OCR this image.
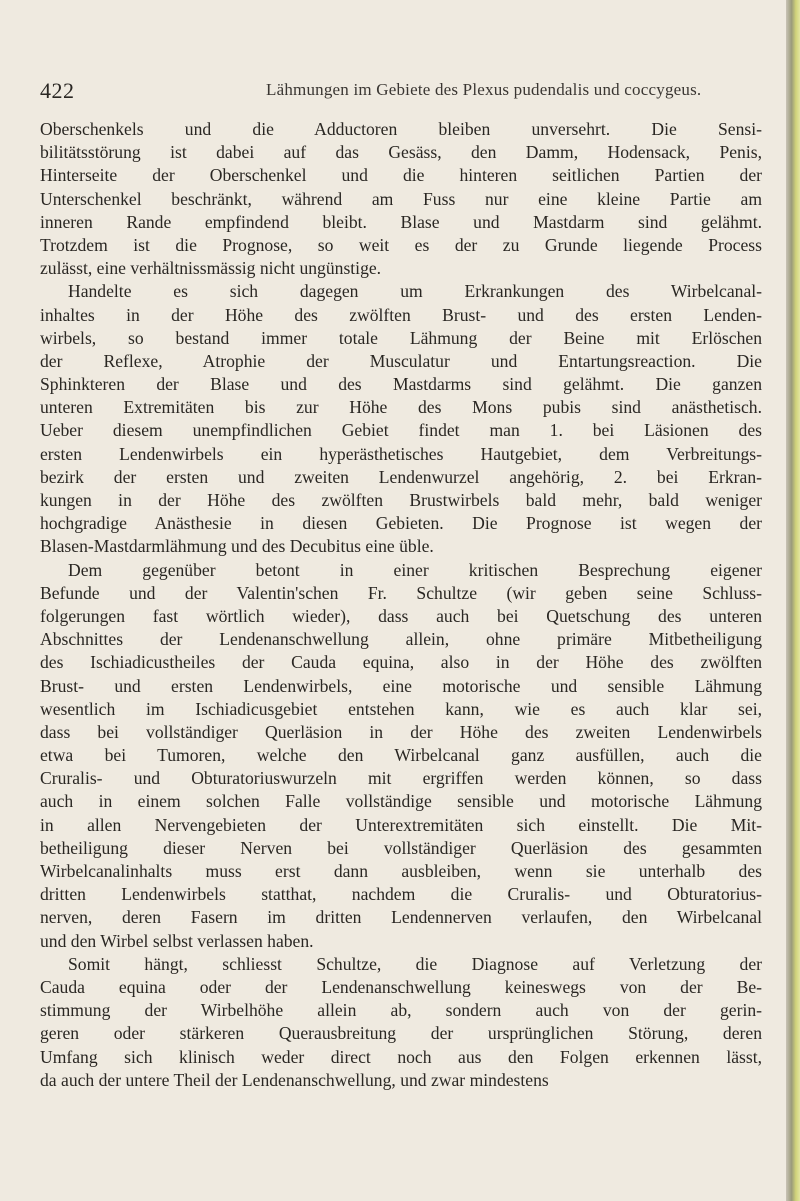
422	Lähmungen im Gebiete des Plexus pudendalis und coccygeus.
Oberschenkels und die Adductoren bleiben unversehrt. Die Sensi-
bilitätsstörung ist dabei auf das Gesäss, den Damm, Hodensack, Penis,
Hinterseite der Oberschenkel und die hinteren seitlichen Partien der
Unterschenkel beschränkt, während am Fuss nur eine kleine Partie am
inneren Rande empfindend bleibt. Blase und Mastdarm sind gelähmt.
Trotzdem ist die Prognose, so weit es der zu Grunde liegende Process
zulässt, eine verhältnissmässig nicht ungünstige.
Handelte es sich dagegen um Erkrankungen des Wirbelcanal-
inhaltes in der Höhe des zwölften Brust- und des ersten Lenden-
wirbels, so bestand immer totale Lähmung der Beine mit Erlöschen
der Reflexe, Atrophie der Musculatur und Entartungsreaction. Die
Sphinkteren der Blase und des Mastdarms sind gelähmt. Die ganzen
unteren Extremitäten bis zur Höhe des Mons pubis sind anästhetisch.
Ueber diesem unempfindlichen Gebiet findet man 1. bei Läsionen des
ersten Lendenwirbels ein hyperästhetisches Hautgebiet, dem Verbreitungs-
bezirk der ersten und zweiten Lendenwurzel angehörig, 2. bei Erkran-
kungen in der Höhe des zwölften Brustwirbels bald mehr, bald weniger
hochgradige Anästhesie in diesen Gebieten. Die Prognose ist wegen der
Blasen-Mastdarmlähmung und des Decubitus eine üble.
Dem gegenüber betont in einer kritischen Besprechung eigener
Befunde und der Valentin'schen Fr. Schultze (wir geben seine Schluss-
folgerungen fast wörtlich wieder), dass auch bei Quetschung des unteren
Abschnittes der Lendenanschwellung allein, ohne primäre Mitbetheiligung
des Ischiadicustheiles der Cauda equina, also in der Höhe des zwölften
Brust- und ersten Lendenwirbels, eine motorische und sensible Lähmung
wesentlich im Ischiadicusgebiet entstehen kann, wie es auch klar sei,
dass bei vollständiger Querläsion in der Höhe des zweiten Lendenwirbels
etwa bei Tumoren, welche den Wirbelcanal ganz ausfüllen, auch die
Cruralis- und Obturatoriuswurzeln mit ergriffen werden können, so dass
auch in einem solchen Falle vollständige sensible und motorische Lähmung
in allen Nervengebieten der Unterextremitäten sich einstellt. Die Mit-
betheiligung dieser Nerven bei vollständiger Querläsion des gesammten
Wirbelcanalinhalts muss erst dann ausbleiben, wenn sie unterhalb des
dritten Lendenwirbels statthat, nachdem die Cruralis- und Obturatorius-
nerven, deren Fasern im dritten Lendennerven verlaufen, den Wirbelcanal
und den Wirbel selbst verlassen haben.
Somit hängt, schliesst Schultze, die Diagnose auf Verletzung der
Cauda equina oder der Lendenanschwellung keineswegs von der Be-
stimmung der Wirbelhöhe allein ab, sondern auch von der gerin-
geren oder stärkeren Querausbreitung der ursprünglichen Störung, deren
Umfang sich klinisch weder direct noch aus den Folgen erkennen lässt,
da auch der untere Theil der Lendenanschwellung, und zwar mindestens
